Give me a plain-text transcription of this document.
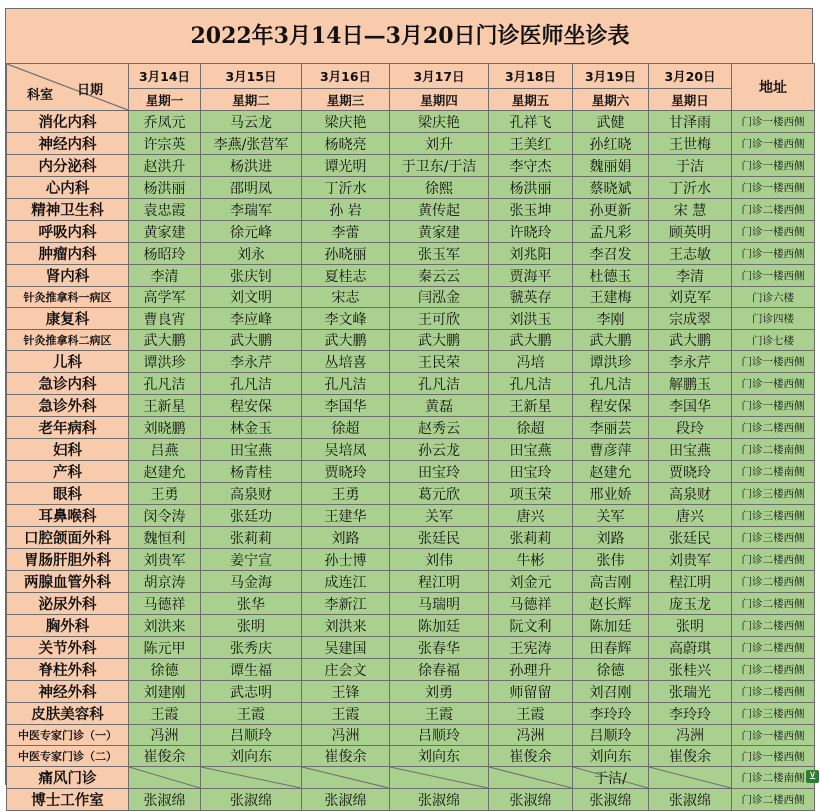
2022年3月14日—3月20日门诊医师坐诊表
科室 日期	3月14日	3月15日	3月16日	3月17日	3月18日	3月19日	3月20日	地址
	星期一	星期二	星期三	星期四	星期五	星期六	星期日	
消化内科	乔凤元	马云龙	梁庆艳	梁庆艳	孔祥飞	武健	甘泽雨	门诊一楼西侧
神经内科	许宗英	李燕/张营军	杨晓亮	刘升	王美红	孙红晓	王世梅	门诊一楼西侧
内分泌科	赵洪升	杨洪进	谭光明	于卫东/于洁	李守杰	魏丽娟	于洁	门诊一楼西侧
心内科	杨洪丽	邵明凤	丁沂水	徐熙	杨洪丽	蔡晓斌	丁沂水	门诊一楼西侧
精神卫生科	袁忠霞	李瑞军	孙 岩	黄传起	张玉坤	孙更新	宋 慧	门诊二楼西侧
呼吸内科	黄家建	徐元峰	李蕾	黄家建	许晓玲	孟凡彩	顾英明	门诊一楼西侧
肿瘤内科	杨昭玲	刘永	孙晓丽	张玉军	刘兆阳	李召发	王志敏	门诊一楼西侧
肾内科	李清	张庆钊	夏桂志	秦云云	贾海平	杜德玉	李清	门诊一楼西侧
针灸推拿科一病区	高学军	刘文明	宋志	闫泓金	虢英存	王建梅	刘克军	门诊六楼
康复科	曹良宵	李应峰	李文峰	王可欣	刘洪玉	李刚	宗成翠	门诊四楼
针灸推拿科二病区	武大鹏	武大鹏	武大鹏	武大鹏	武大鹏	武大鹏	武大鹏	门诊七楼
儿科	谭洪珍	李永芹	丛培喜	王民荣	冯培	谭洪珍	李永芹	门诊一楼西侧
急诊内科	孔凡洁	孔凡洁	孔凡洁	孔凡洁	孔凡洁	孔凡洁	解鹏玉	门诊一楼西侧
急诊外科	王新星	程安保	李国华	黄磊	王新星	程安保	李国华	门诊一楼西侧
老年病科	刘晓鹏	林金玉	徐超	赵秀云	徐超	李丽芸	段玲	门诊二楼西侧
妇科	吕燕	田宝燕	吴培凤	孙云龙	田宝燕	曹彦萍	田宝燕	门诊二楼南侧
产科	赵建允	杨青桂	贾晓玲	田宝玲	田宝玲	赵建允	贾晓玲	门诊二楼南侧
眼科	王勇	高泉财	王勇	葛元欣	项玉荣	邢业娇	高泉财	门诊三楼西侧
耳鼻喉科	闵令涛	张廷功	王建华	关军	唐兴	关军	唐兴	门诊三楼西侧
口腔颌面外科	魏恒利	张莉莉	刘路	张廷民	张莉莉	刘路	张廷民	门诊三楼西侧
胃肠肝胆外科	刘贵军	姜宁宣	孙士博	刘伟	牛彬	张伟	刘贵军	门诊二楼西侧
两腺血管外科	胡京涛	马金海	成连江	程江明	刘金元	高吉刚	程江明	门诊二楼西侧
泌尿外科	马德祥	张华	李新江	马瑞明	马德祥	赵长辉	庞玉龙	门诊二楼西侧
胸外科	刘洪来	张明	刘洪来	陈加廷	阮文利	陈加廷	张明	门诊二楼西侧
关节外科	陈元甲	张秀庆	吴建国	张春华	王宪涛	田春辉	高蔚琪	门诊二楼西侧
脊柱外科	徐德	谭生福	庄会文	徐春福	孙理升	徐德	张桂兴	门诊二楼西侧
神经外科	刘建刚	武志明	王锋	刘勇	师留留	刘召刚	张瑞光	门诊二楼西侧
皮肤美容科	王霞	王霞	王霞	王霞	王霞	李玲玲	李玲玲	门诊三楼西侧
中医专家门诊（一）	冯洲	吕顺玲	冯洲	吕顺玲	冯洲	吕顺玲	冯洲	门诊一楼西侧
中医专家门诊（二）	崔俊余	刘向东	崔俊余	刘向东	崔俊余	刘向东	崔俊余	门诊一楼西侧
痛风门诊						于洁/		门诊二楼南侧
博士工作室	张淑绵	张淑绵	张淑绵	张淑绵	张淑绵	张淑绵	张淑绵	门诊二楼西侧
⊻
